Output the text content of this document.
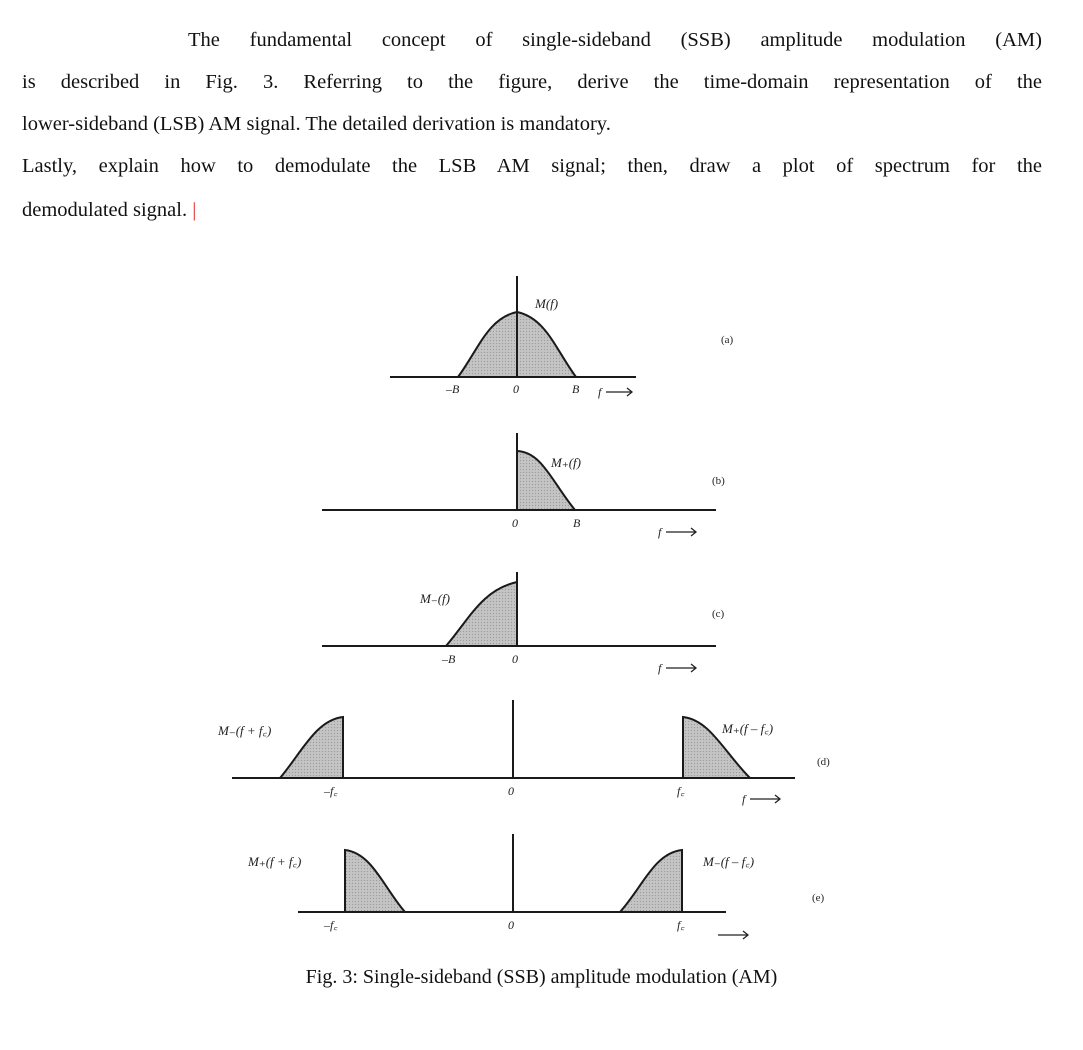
The fundamental concept of single-sideband (SSB) amplitude modulation (AM)
is described in Fig. 3. Referring to the figure, derive the time-domain representation of the
lower-sideband (LSB) AM signal. The detailed derivation is mandatory.
Lastly, explain how to demodulate the LSB AM signal; then, draw a plot of spectrum for the
demodulated signal. |
M(f)
–B	0	B f
(a)
M₊(f)
0	B
f
(b)
M₋(f)
–B	0
f
(c)
M₋(f + f꜀)	M₊(f – f꜀)
–f꜀	0	f꜀
f
(d)
M₊(f + f꜀)	M₋(f – f꜀)
–f꜀	0	f꜀
(e)
Fig. 3: Single-sideband (SSB) amplitude modulation (AM)
